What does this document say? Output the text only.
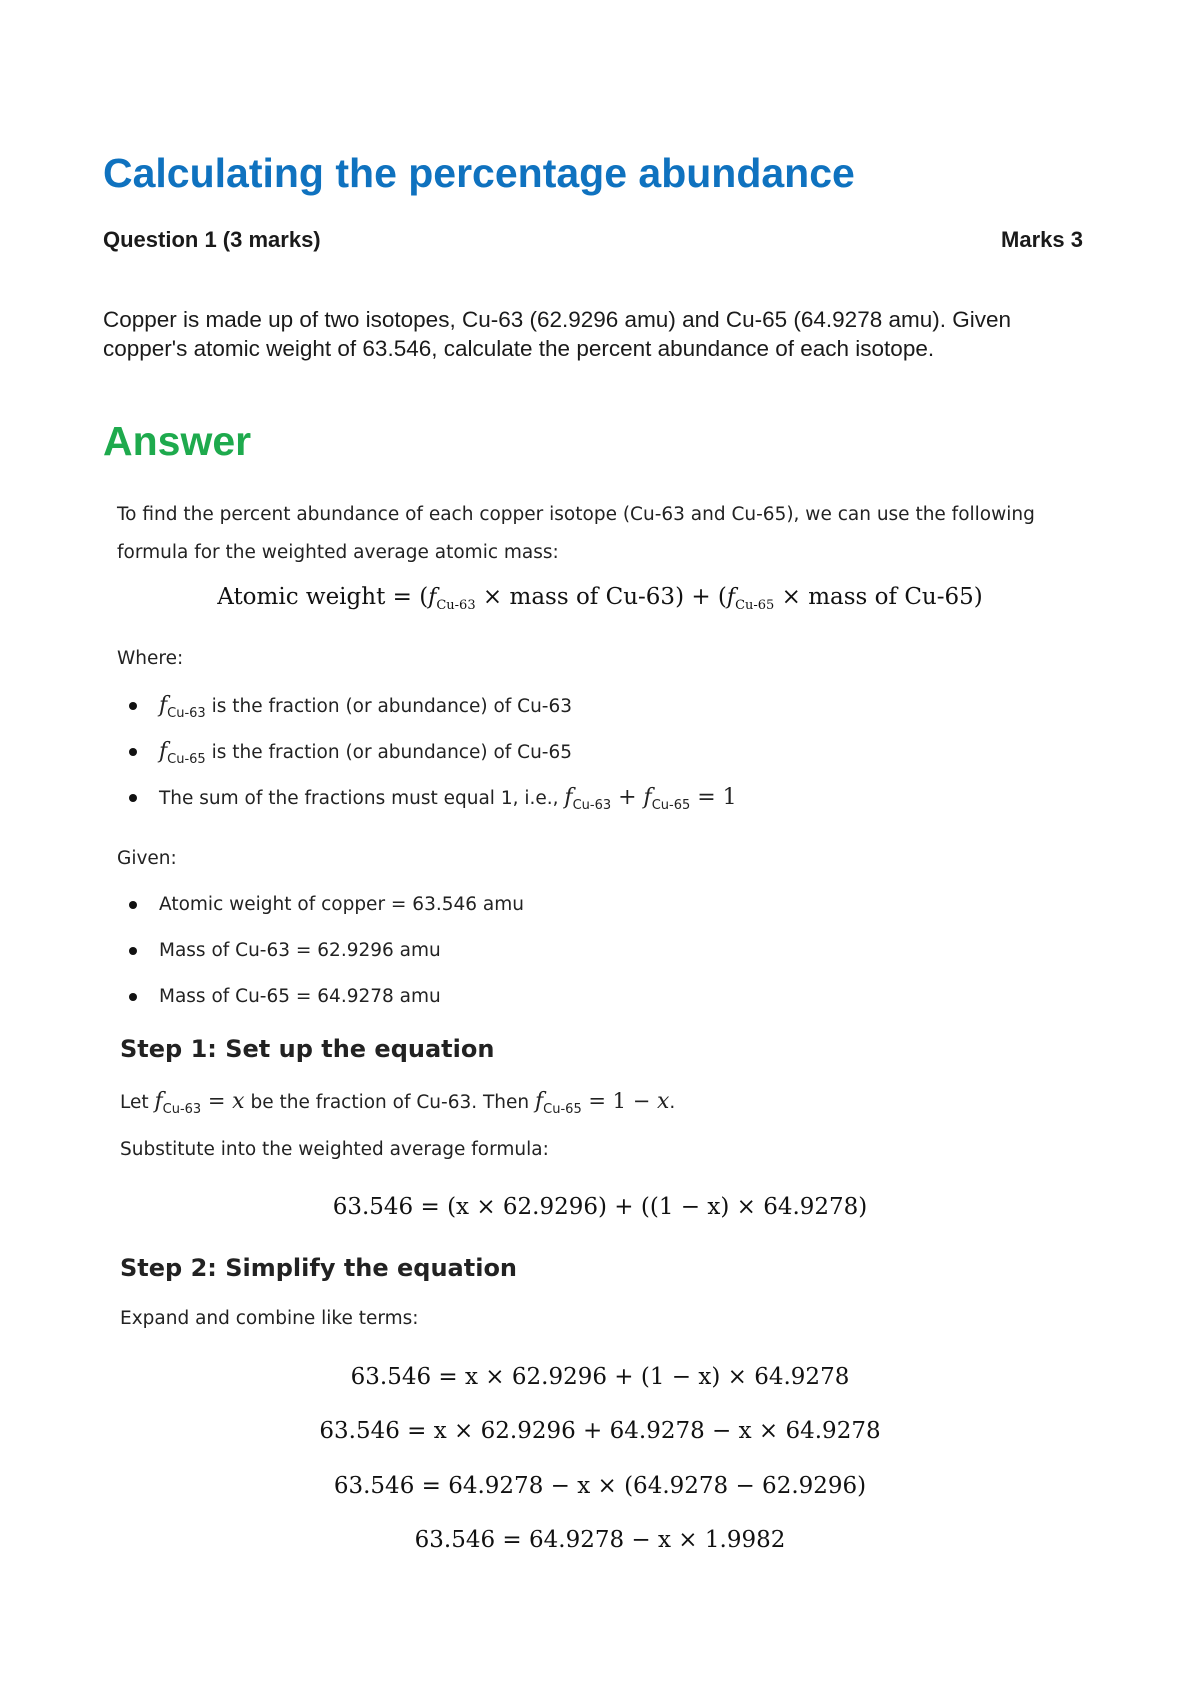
Calculating the percentage abundance
Question 1 (3 marks)	Marks 3

Copper is made up of two isotopes, Cu-63 (62.9296 amu) and Cu-65 (64.9278 amu). Given copper's atomic weight of 63.546, calculate the percent abundance of each isotope.

Answer

To find the percent abundance of each copper isotope (Cu-63 and Cu-65), we can use the following formula for the weighted average atomic mass:

Atomic weight = ($f_{Cu-63}$ × mass of $Cu-63) + (f_{Cu-65}$ × mass of Cu-65)

Where:

$f_{Cu-63}$ is the fraction (or abundance) of Cu-63
$f_{Cu-65}$ is the fraction (or abundance) of Cu-65
The sum of the fractions must equal 1, i.e., $f_{Cu-63} + f_{Cu-65} = 1$

Given:

Atomic weight of copper = 63.546 amu
Mass of Cu-63 = 62.9296 amu
Mass of Cu-65 = 64.9278 amu
Step 1: Set up the equation

Let $f_{Cu-63} = x$ be the fraction of Cu-63. Then $f_{Cu-65} = 1 - x$.

Substitute into the weighted average formula:

63.546 = (x × 62.9296) + ((1 − x) × 64.9278)
Step 2: Simplify the equation

Expand and combine like terms:

63.546 = x × 62.9296 + (1 − x) × 64.9278
63.546 = x × 62.9296 + 64.9278 − x × 64.9278
63.546 = 64.9278 − x × (64.9278 − 62.9296)
63.546 = 64.9278 − x × 1.9982
